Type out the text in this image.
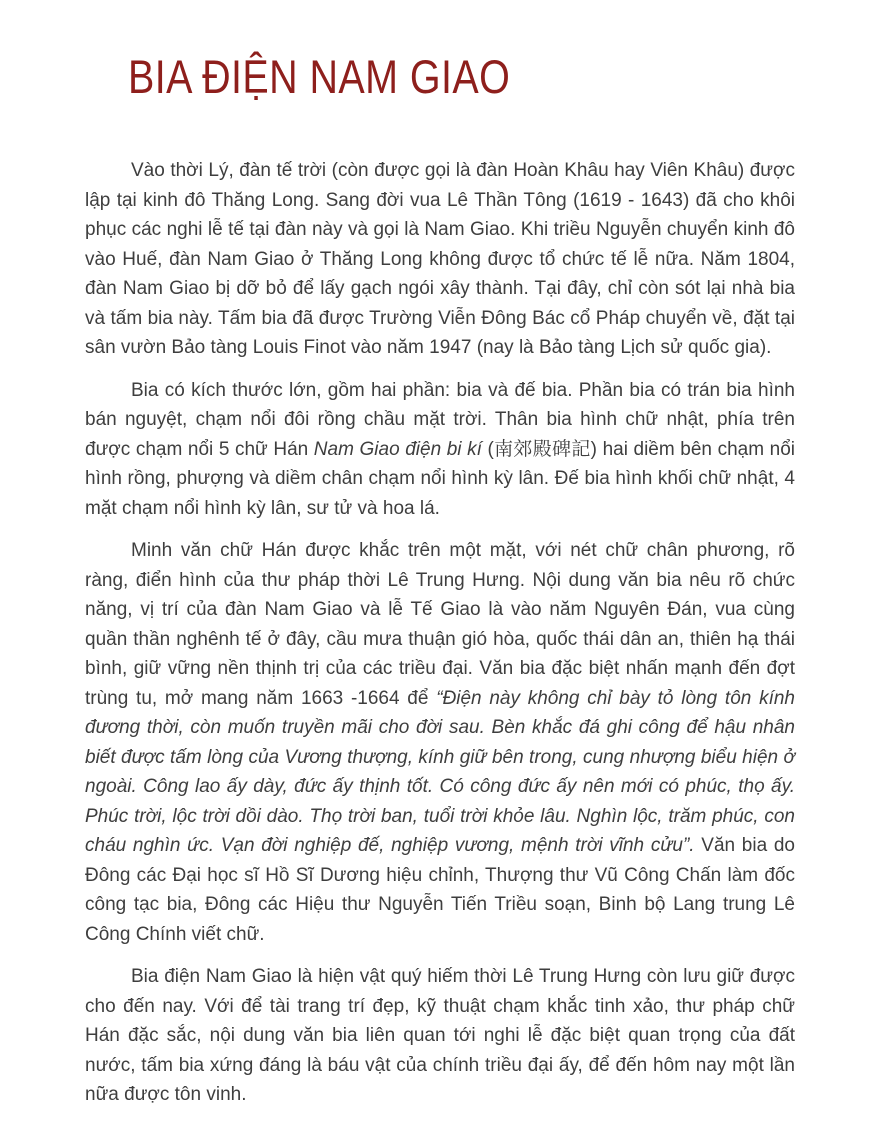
BIA ĐIỆN NAM GIAO

Vào thời Lý, đàn tế trời (còn được gọi là đàn Hoàn Khâu hay Viên Khâu) được lập tại kinh đô Thăng Long. Sang đời vua Lê Thần Tông (1619 - 1643) đã cho khôi phục các nghi lễ tế tại đàn này và gọi là Nam Giao. Khi triều Nguyễn chuyển kinh đô vào Huế, đàn Nam Giao ở Thăng Long không được tổ chức tế lễ nữa. Năm 1804, đàn Nam Giao bị dỡ bỏ để lấy gạch ngói xây thành. Tại đây, chỉ còn sót lại nhà bia và tấm bia này. Tấm bia đã được Trường Viễn Đông Bác cổ Pháp chuyển về, đặt tại sân vườn Bảo tàng Louis Finot vào năm 1947 (nay là Bảo tàng Lịch sử quốc gia).

Bia có kích thước lớn, gồm hai phần: bia và đế bia. Phần bia có trán bia hình bán nguyệt, chạm nổi đôi rồng chầu mặt trời. Thân bia hình chữ nhật, phía trên được chạm nổi 5 chữ Hán Nam Giao điện bi kí (南郊殿碑記) hai diềm bên chạm nổi hình rồng, phượng và diềm chân chạm nổi hình kỳ lân. Đế bia hình khối chữ nhật, 4 mặt chạm nổi hình kỳ lân, sư tử và hoa lá.

Minh văn chữ Hán được khắc trên một mặt, với nét chữ chân phương, rõ ràng, điển hình của thư pháp thời Lê Trung Hưng. Nội dung văn bia nêu rõ chức năng, vị trí của đàn Nam Giao và lễ Tế Giao là vào năm Nguyên Đán, vua cùng quần thần nghênh tế ở đây, cầu mưa thuận gió hòa, quốc thái dân an, thiên hạ thái bình, giữ vững nền thịnh trị của các triều đại. Văn bia đặc biệt nhấn mạnh đến đợt trùng tu, mở mang năm 1663 -1664 để “Điện này không chỉ bày tỏ lòng tôn kính đương thời, còn muốn truyền mãi cho đời sau. Bèn khắc đá ghi công để hậu nhân biết được tấm lòng của Vương thượng, kính giữ bên trong, cung nhượng biểu hiện ở ngoài. Công lao ấy dày, đức ấy thịnh tốt. Có công đức ấy nên mới có phúc, thọ ấy. Phúc trời, lộc trời dồi dào. Thọ trời ban, tuổi trời khỏe lâu. Nghìn lộc, trăm phúc, con cháu nghìn ức. Vạn đời nghiệp đế, nghiệp vương, mệnh trời vĩnh cửu”. Văn bia do Đông các Đại học sĩ Hồ Sĩ Dương hiệu chỉnh, Thượng thư Vũ Công Chấn làm đốc công tạc bia, Đông các Hiệu thư Nguyễn Tiến Triều soạn, Binh bộ Lang trung Lê Công Chính viết chữ.

Bia điện Nam Giao là hiện vật quý hiếm thời Lê Trung Hưng còn lưu giữ được cho đến nay. Với để tài trang trí đẹp, kỹ thuật chạm khắc tinh xảo, thư pháp chữ Hán đặc sắc, nội dung văn bia liên quan tới nghi lễ đặc biệt quan trọng của đất nước, tấm bia xứng đáng là báu vật của chính triều đại ấy, để đến hôm nay một lần nữa được tôn vinh.
